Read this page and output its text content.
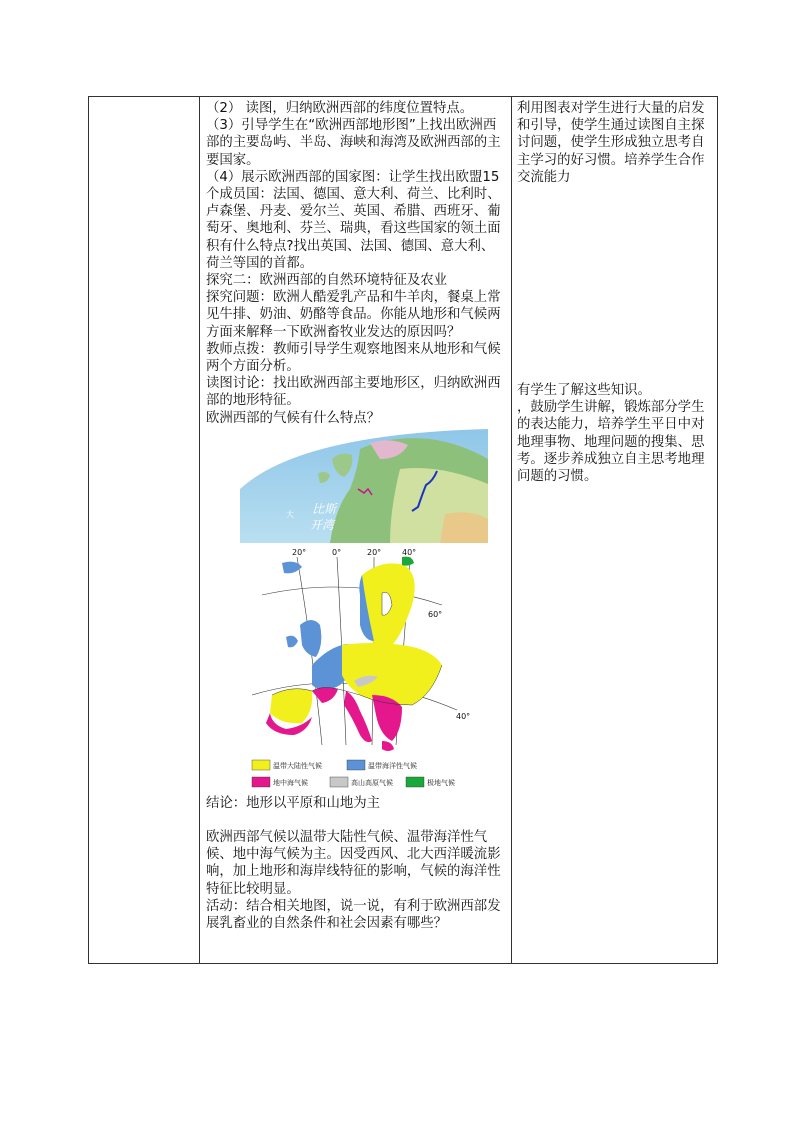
（2） 读图，归纳欧洲西部的纬度位置特点。

（3）引导学生在“欧洲西部地形图”上找出欧洲西部的主要岛屿、半岛、海峡和海湾及欧洲西部的主要国家。

（4）展示欧洲西部的国家图：让学生找出欧盟15个成员国：法国、德国、意大利、荷兰、比利时、卢森堡、丹麦、爱尔兰、英国、希腊、西班牙、葡萄牙、奥地利、芬兰、瑞典，看这些国家的领土面积有什么特点?找出英国、法国、德国、意大利、荷兰等国的首都。

探究二：欧洲西部的自然环境特征及农业

探究问题：欧洲人酷爱乳产品和牛羊肉，餐桌上常见牛排、奶油、奶酪等食品。你能从地形和气候两方面来解释一下欧洲畜牧业发达的原因吗？

教师点拨：教师引导学生观察地图来从地形和气候两个方面分析。

读图讨论：找出欧洲西部主要地形区，归纳欧洲西部的地形特征。

欧洲西部的气候有什么特点？

比斯
开湾
大
20°	0°	20°	40°
60°
40°
温带大陆性气候	温带海洋性气候
地中海气候	高山高原气候	极地气候

结论：地形以平原和山地为主

欧洲西部气候以温带大陆性气候、温带海洋性气候、地中海气候为主。因受西风、北大西洋暖流影响，加上地形和海岸线特征的影响，气候的海洋性特征比较明显。

活动：结合相关地图，说一说，有利于欧洲西部发展乳畜业的自然条件和社会因素有哪些？

利用图表对学生进行大量的启发和引导，使学生通过读图自主探讨问题，使学生形成独立思考自主学习的好习惯。培养学生合作交流能力

有学生了解这些知识。

，鼓励学生讲解，锻炼部分学生的表达能力，培养学生平日中对地理事物、地理问题的搜集、思考。逐步养成独立自主思考地理问题的习惯。
